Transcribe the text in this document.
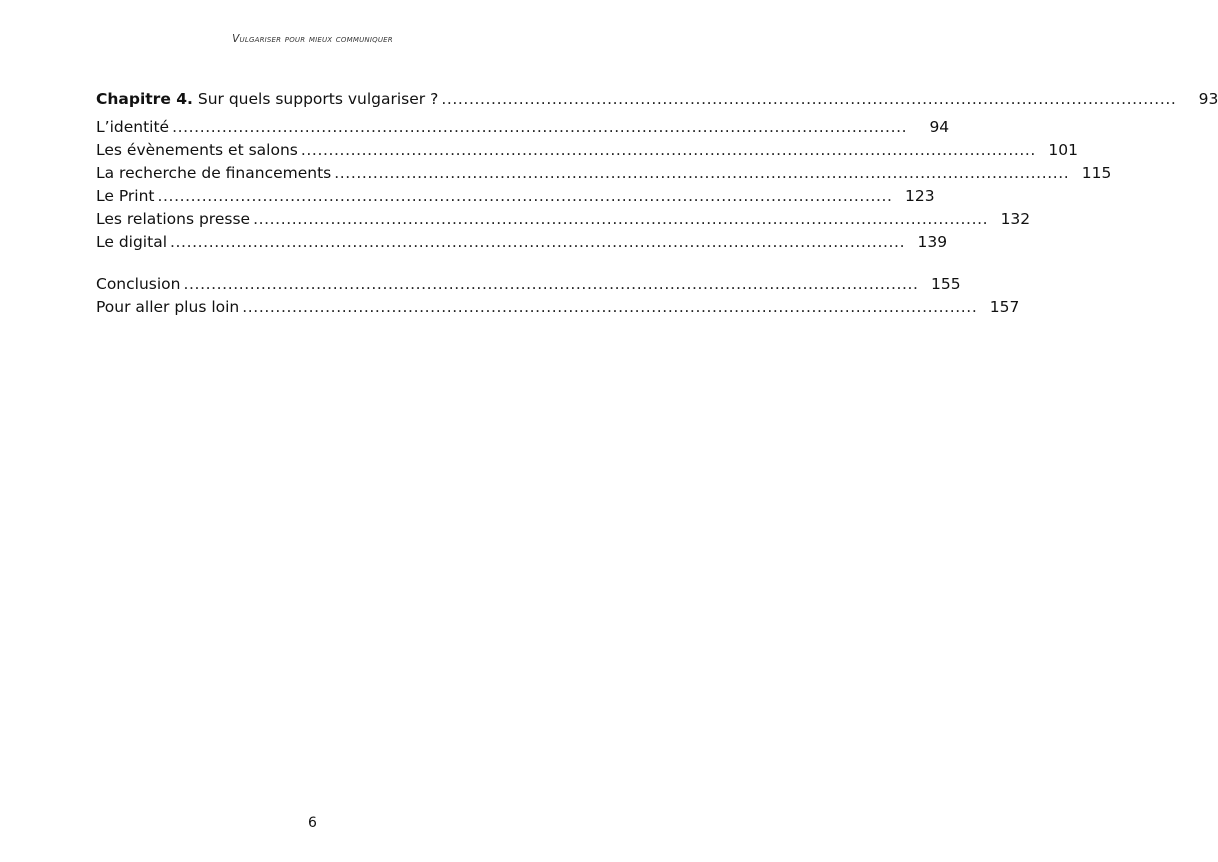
Vulgariser pour mieux communiquer
Chapitre 4. Sur quels supports vulgariser ? .....................................................................................................................................	93
L’identité .....................................................................................................................................	94
Les évènements et salons ..................................................................................................................................... 101
La recherche de financements ..................................................................................................................................... 115
Le Print ..................................................................................................................................... 123
Les relations presse ..................................................................................................................................... 132
Le digital ..................................................................................................................................... 139
Conclusion ..................................................................................................................................... 155
Pour aller plus loin ..................................................................................................................................... 157
6
